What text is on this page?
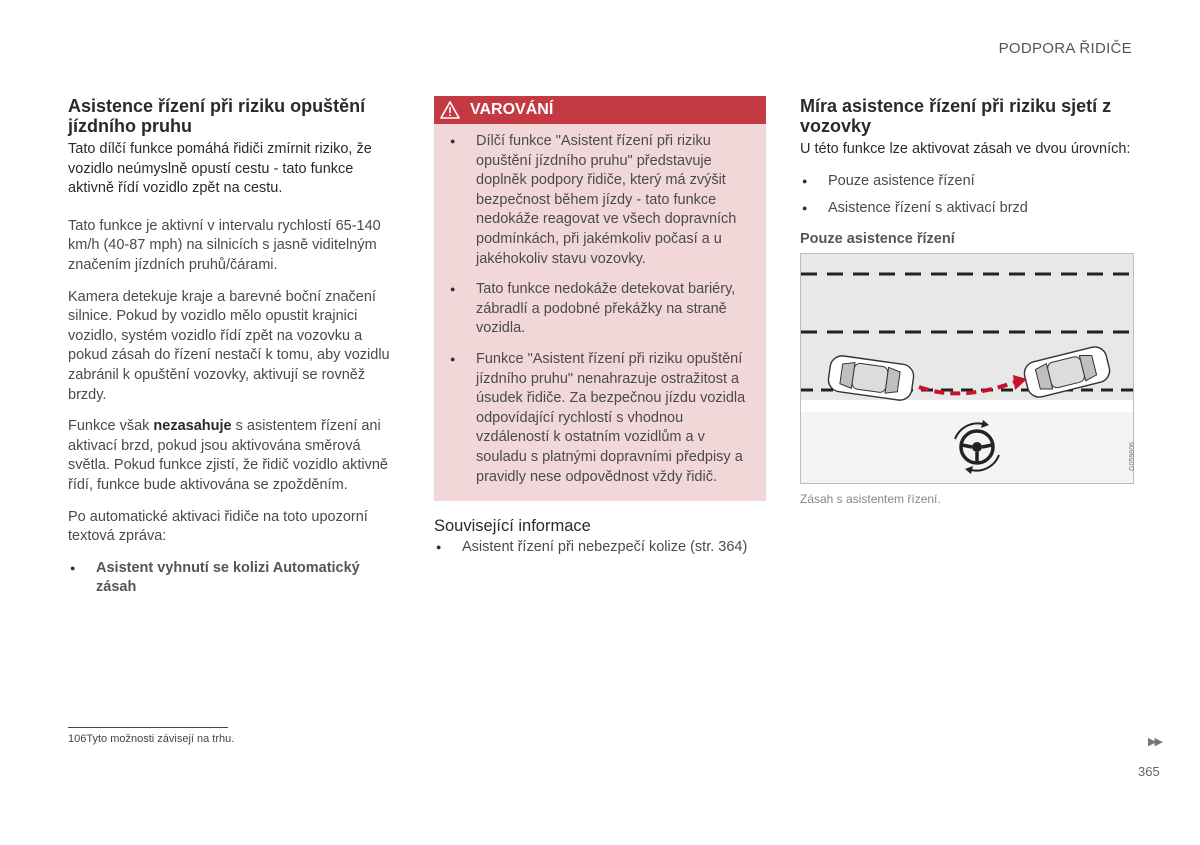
PODPORA ŘIDIČE
Asistence řízení při riziku opuštění jízdního pruhu

Tato dílčí funkce pomáhá řidiči zmírnit riziko, že vozidlo neúmyslně opustí cestu - tato funkce aktivně řídí vozidlo zpět na cestu.

Tato funkce je aktivní v intervalu rychlostí 65-140 km/h (40-87 mph) na silnicích s jasně viditelným značením jízdních pruhů/čárami.

Kamera detekuje kraje a barevné boční značení silnice. Pokud by vozidlo mělo opustit krajnici vozidlo, systém vozidlo řídí zpět na vozovku a pokud zásah do řízení nestačí k tomu, aby vozidlu zabránil k opuštění vozovky, aktivují se rovněž brzdy.

Funkce však nezasahuje s asistentem řízení ani aktivací brzd, pokud jsou aktivována směrová světla. Pokud funkce zjistí, že řidič vozidlo aktivně řídí, funkce bude aktivována se zpožděním.

Po automatické aktivaci řidiče na toto upozorní textová zpráva:

● Asistent vyhnutí se kolizi Automatický zásah
VAROVÁNÍ
● Dílčí funkce "Asistent řízení při riziku opuštění jízdního pruhu" představuje doplněk podpory řidiče, který má zvýšit bezpečnost během jízdy - tato funkce nedokáže reagovat ve všech dopravních podmínkách, při jakémkoliv počasí a u jakéhokoliv stavu vozovky.
● Tato funkce nedokáže detekovat bariéry, zábradlí a podobné překážky na straně vozidla.
● Funkce "Asistent řízení při riziku opuštění jízdního pruhu" nenahrazuje ostražitost a úsudek řidiče. Za bezpečnou jízdu vozidla odpovídající rychlostí s vhodnou vzdáleností k ostatním vozidlům a v souladu s platnými dopravními předpisy a pravidly nese odpovědnost vždy řidič.
Související informace
● Asistent řízení při nebezpečí kolize (str. 364)
Míra asistence řízení při riziku sjetí z vozovky

U této funkce lze aktivovat zásah ve dvou úrovních:

● Pouze asistence řízení
● Asistence řízení s aktivací brzd
Pouze asistence řízení
G059606
Zásah s asistentem řízení.
106Tyto možnosti závisejí na trhu.	▶▶
365
